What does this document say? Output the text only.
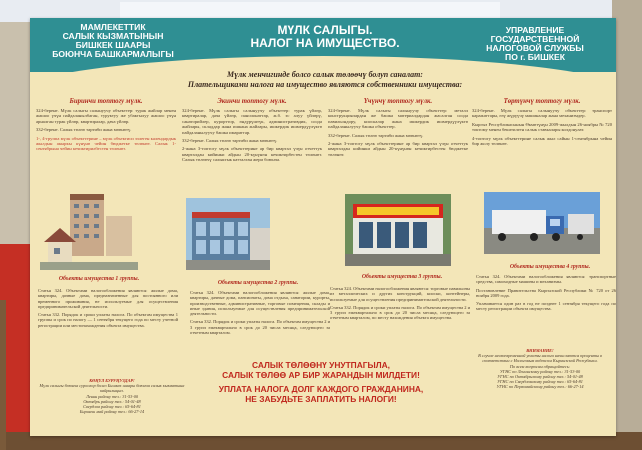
МАМЛЕКЕТТИК
САЛЫК КЫЗМАТЫНЫН
БИШКЕК ШААРЫ
БОЮНЧА БАШКАРМАЛЫГЫ
МҮЛК САЛЫГЫ.
НАЛОГ НА ИМУЩЕСТВО.
УПРАВЛЕНИЕ
ГОСУДАРСТВЕННОЙ
НАЛОГОВОЙ СЛУЖБЫ
ПО г. БИШКЕК
Мүлк менчигинде болсо салык төлөөчү болуп саналат:
Плательщиками налога на имущество являются собственники имущества:
Биринчи топтогу мүлк.

324-берене. Мүлк салыгы салынуучу объекттер: турак жайлар менен жашоо үчүн пайдаланылбаган, туруктуу же убактылуу жашоо үчүн арналган турак үйлөр, квартиралар, дача үйлөр.

332-берене. Салык төлөө тартиби жана мөөнөтү.

1-, 4-группа мүлк объекттерине – мүлк объектиси ээлеген календардык жылдын акыркы күнүнө чейин бюджетке төлөнөт. Салык 1-сентябрына чейин кечиктирилбестен төлөнөт.

Экинчи топтогу мүлк.

324-берене. Мүлк салыгы салынуучу объекттер: турак үйлөр, квартиралар, дача үйлөр, пансионаттар, ж.б. эс алуу үйлөрү, санаторийлер, курорттор, өндүрүштүк, административдик, соода жайлары, складдар жана ишкана жайлары, ишкердик ишмердүүлүктө пайдаланылуучу башка имараттар.

332-берене. Салык төлөө тартиби жана мөөнөтү.

2-жана 3-топтогу мүлк объекттерине ар бир квартал үчүн отчеттук кварталдан кийинки айдын 20-күнүнөн кечиктирбестен төлөнөт. Салык төлөөчү салыктык катталган жери боюнча.

Үчүнчү топтогу мүлк.

324-берене. Мүлк салыгы салынуучу объекттер: металл конструкциялардан же башка материалдардан жасалган соода павильондору, киоскалар жана ишкердик ишмердүүлүктө пайдаланылуучу башка объекттер.

332-берене. Салык төлөө тартиби жана мөөнөтү.

2-жана 3-топтогу мүлк объекттерине ар бир квартал үчүн отчеттук кварталдан кийинки айдын 20-күнүнөн кечиктирбестен бюджетке төлөнөт.

Төртүнчү топтогу мүлк.

324-берене. Мүлк салыгы салынуучу объекттер: транспорт каражаттары, өзү жүрүүчү машиналар жана механизмдер.

Кыргыз Республикасынын Өкмөтүнүн 2009-жылдын 26-ноябры № 720 токтому менен бекитилген салык ставкалары колдонулат.

4-топтогу мүлк объекттерине салык жыл сайын 1-сентябрына чейин бир жолу төлөнөт.

Объекты имущества 1 группы.
Объекты имущества 2 группы.
Объекты имущества 3 группы.
Объекты имущества 4 группы.

Статья 324. Объектами налогообложения являются: жилые дома, квартиры, дачные дома, предназначенные для постоянного или временного проживания, не используемые для осуществления предпринимательской деятельности.

Статья 332. Порядок и сроки уплаты налога. По объектам имущества 1 группы и срок по налогу — 1 сентября текущего года по месту учетной регистрации или местонахождения объекта имущества.

Статья 324. Объектами налогообложения являются: жилые дома, квартиры, дачные дома, пансионаты, дома отдыха, санатории, курорты, производственные, административные, торговые помещения, склады и иные здания, используемые для осуществления предпринимательской деятельности.

Статья 332. Порядок и сроки уплаты налога. По объектам имущества 2 и 3 групп ежеквартально в срок до 20 числа месяца, следующего за отчетным кварталом.

Статья 324. Объектами налогообложения являются: торговые павильоны из металлических и других конструкций, киоски, контейнеры, используемые для осуществления предпринимательской деятельности.

Статья 332. Порядок и сроки уплаты налога. По объектам имущества 2 и 3 групп ежеквартально в срок до 20 числа месяца, следующего за отчетным кварталом, по месту нахождения объекта имущества.

Статья 324. Объектами налогообложения являются: транспортные средства, самоходные машины и механизмы.

Постановление Правительства Кыргызской Республики № 720 от 26 ноября 2009 года.

Уплачивается один раз в год не позднее 1 сентября текущего года по месту регистрации объекта имущества.

КӨҢҮЛ БУРУҢУЗДАР!
Мүлк салыгы боюнча суроолор болсо Бишкек шаары боюнча салык кызматына кайрылыңыз.
Ленин району тел.: 31-53-00
Октябрь району тел.: 54-01-48
Свердлов району тел.: 65-64-81
Биринчи май району тел.: 66-27-14
САЛЫК ТӨЛӨӨНҮ УНУТПАГЫЛА,
САЛЫК ТӨЛӨӨ АР БИР ЖАРАНДЫН МИЛДЕТИ!
УПЛАТА НАЛОГА ДОЛГ КАЖДОГО ГРАЖДАНИНА,
НЕ ЗАБУДЬТЕ ЗАПЛАТИТЬ НАЛОГИ!
ВНИМАНИЕ!
В случае несвоевременной уплаты налога начисляются проценты в соответствии с Налоговым кодексом Кыргызской Республики.
По всем вопросам обращайтесь:
УГНС по Ленинскому району тел.: 31-53-00
УГНС по Октябрьскому району тел.: 54-01-48
УГНС по Свердловскому району тел.: 65-64-81
УГНС по Первомайскому району тел.: 66-27-14
